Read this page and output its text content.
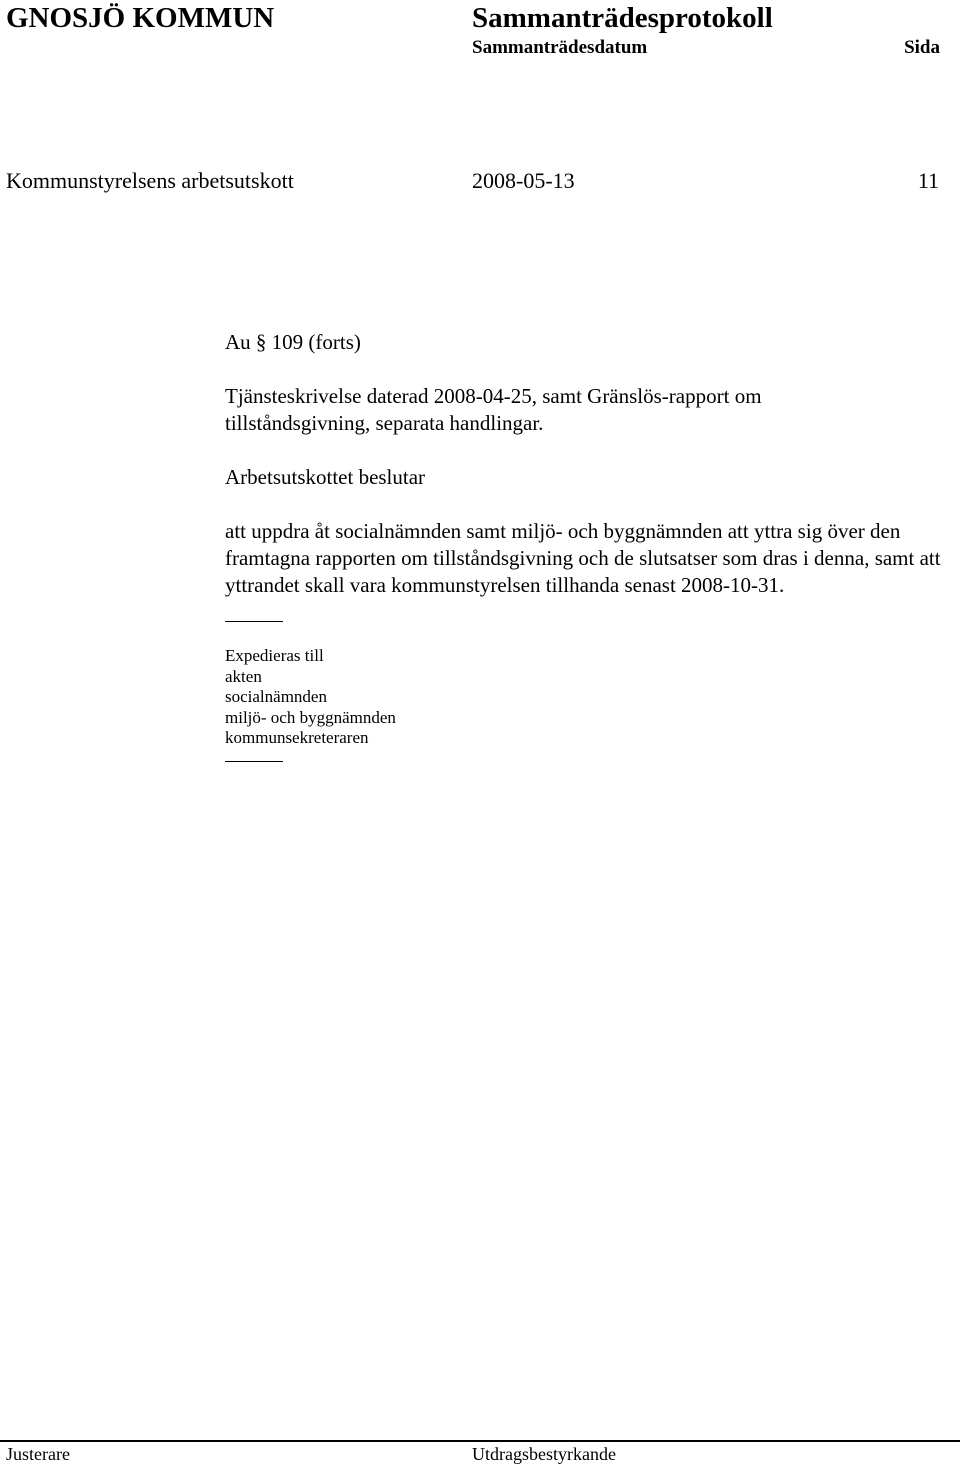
GNOSJÖ KOMMUN	Sammanträdesprotokoll
Sammanträdesdatum	Sida
Kommunstyrelsens arbetsutskott	2008-05-13	11

Au § 109 (forts)

Tjänsteskrivelse daterad 2008-04-25, samt Gränslös-rapport om
tillståndsgivning, separata handlingar.

Arbetsutskottet beslutar

att uppdra åt socialnämnden samt miljö- och byggnämnden att yttra sig över den framtagna rapporten om tillståndsgivning och de slutsatser som dras i denna, samt att yttrandet skall vara kommunstyrelsen tillhanda senast 2008-10-31.

Expedieras till
akten
socialnämnden
miljö- och byggnämnden
kommunsekreteraren
Justerare	Utdragsbestyrkande
